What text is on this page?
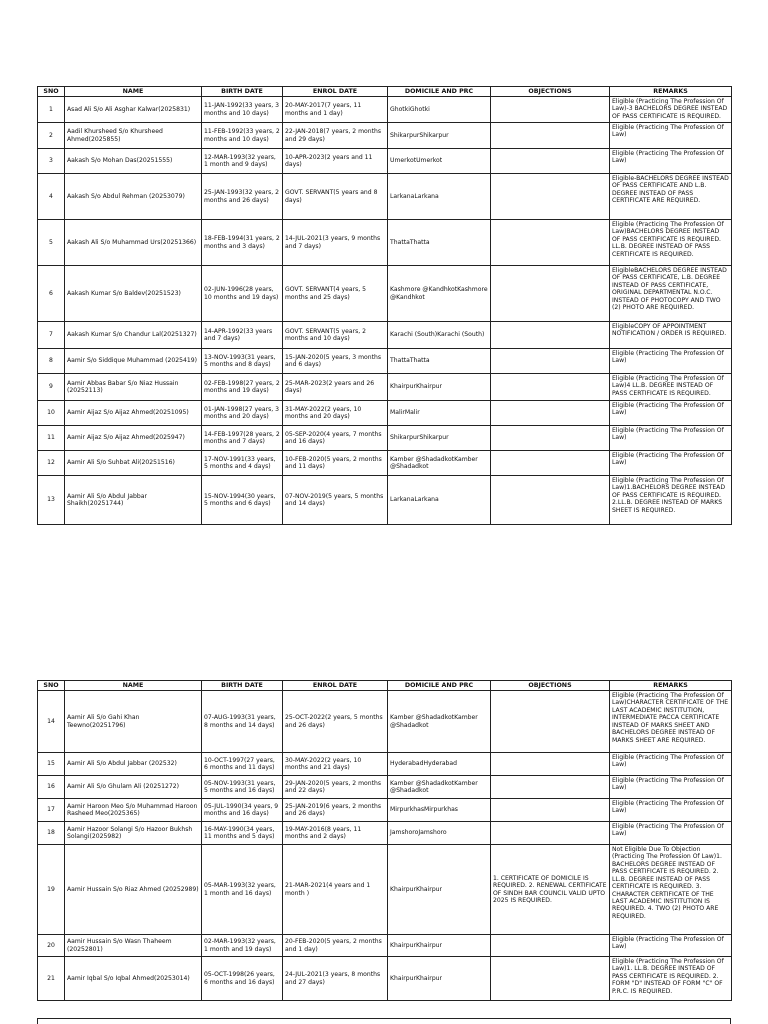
SNO	NAME	BIRTH DATE	ENROL DATE	DOMICILE AND PRC	OBJECTIONS	REMARKS
1	Asad Ali S/o Ali Asghar Kalwar(2025831)	11-JAN-1992(33 years, 3 months and 10 days)	20-MAY-2017(7 years, 11 months and 1 day)	GhotkiGhotki		Eligible (Practicing The Profession Of Law)-3 BACHELORS DEGREE INSTEAD OF PASS CERTIFICATE IS REQUIRED.
2	Aadil Khursheed S/o Khursheed Ahmed(2025855)	11-FEB-1992(33 years, 2 months and 10 days)	22-JAN-2018(7 years, 2 months and 29 days)	ShikarpurShikarpur		Eligible (Practicing The Profession Of Law)
3	Aakash S/o Mohan Das(20251555)	12-MAR-1993(32 years, 1 month and 9 days)	10-APR-2023(2 years and 11 days)	UmerkotUmerkot		Eligible (Practicing The Profession Of Law)
4	Aakash S/o Abdul Rehman (20253079)	25-JAN-1993(32 years, 2 months and 26 days)	GOVT. SERVANT(5 years and 8 days)	LarkanaLarkana		Eligible-BACHELORS DEGREE INSTEAD OF PASS CERTIFICATE AND L.B. DEGREE INSTEAD OF PASS CERTIFICATE ARE REQUIRED.
5	Aakash Ali S/o Muhammad Urs(20251366)	18-FEB-1994(31 years, 2 months and 3 days)	14-JUL-2021(3 years, 9 months and 7 days)	ThattaThatta		Eligible (Practicing The Profession Of Law)BACHELORS DEGREE INSTEAD OF PASS CERTIFICATE IS REQUIRED. LL.B. DEGREE INSTEAD OF PASS CERTIFICATE IS REQUIRED.
6	Aakash Kumar S/o Baldev(20251523)	02-JUN-1996(28 years, 10 months and 19 days)	GOVT. SERVANT(4 years, 5 months and 25 days)	Kashmore @KandhkotKashmore @Kandhkot		EligibleBACHELORS DEGREE INSTEAD OF PASS CERTIFICATE, L.B. DEGREE INSTEAD OF PASS CERTIFICATE, ORIGINAL DEPARTMENTAL N.O.C. INSTEAD OF PHOTOCOPY AND TWO (2) PHOTO ARE REQUIRED.
7	Aakash Kumar S/o Chandur Lal(20251327)	14-APR-1992(33 years and 7 days)	GOVT. SERVANT(5 years, 2 months and 10 days)	Karachi (South)Karachi (South)		EligibleCOPY OF APPOINTMENT NOTIFICATION / ORDER IS REQUIRED.
8	Aamir S/o Siddique Muhammad (2025419)	13-NOV-1993(31 years, 5 months and 8 days)	15-JAN-2020(5 years, 3 months and 6 days)	ThattaThatta		Eligible (Practicing The Profession Of Law)
9	Aamir Abbas Babar S/o Niaz Hussain (20252113)	02-FEB-1998(27 years, 2 months and 19 days)	25-MAR-2023(2 years and 26 days)	KhairpurKhairpur		Eligible (Practicing The Profession Of Law)4 LL.B. DEGREE INSTEAD OF PASS CERTIFICATE IS REQUIRED.
10	Aamir Aijaz S/o Aijaz Ahmed(20251095)	01-JAN-1998(27 years, 3 months and 20 days)	31-MAY-2022(2 years, 10 months and 20 days)	MalirMalir		Eligible (Practicing The Profession Of Law)
11	Aamir Aijaz S/o Aijaz Ahmed(2025947)	14-FEB-1997(28 years, 2 months and 7 days)	05-SEP-2020(4 years, 7 months and 16 days)	ShikarpurShikarpur		Eligible (Practicing The Profession Of Law)
12	Aamir Ali S/o Suhbat Ali(20251516)	17-NOV-1991(33 years, 5 months and 4 days)	10-FEB-2020(5 years, 2 months and 11 days)	Kamber @ShadadkotKamber @Shadadkot		Eligible (Practicing The Profession Of Law)
13	Aamir Ali S/o Abdul Jabbar Shaikh(20251744)	15-NOV-1994(30 years, 5 months and 6 days)	07-NOV-2019(5 years, 5 months and 14 days)	LarkanaLarkana		Eligible (Practicing The Profession Of Law)1.BACHELORS DEGREE INSTEAD OF PASS CERTIFICATE IS REQUIRED. 2.LL.B. DEGREE INSTEAD OF MARKS SHEET IS REQUIRED.
SNO	NAME	BIRTH DATE	ENROL DATE	DOMICILE AND PRC	OBJECTIONS	REMARKS
14	Aamir Ali S/o Gahi Khan Teewno(20251796)	07-AUG-1993(31 years, 8 months and 14 days)	25-OCT-2022(2 years, 5 months and 26 days)	Kamber @ShadadkotKamber @Shadadkot		Eligible (Practicing The Profession Of Law)CHARACTER CERTIFICATE OF THE LAST ACADEMIC INSTITUTION, INTERMEDIATE PACCA CERTIFICATE INSTEAD OF MARKS SHEET AND BACHELORS DEGREE INSTEAD OF MARKS SHEET ARE REQUIRED.
15	Aamir Ali S/o Abdul Jabbar (202532)	10-OCT-1997(27 years, 6 months and 11 days)	30-MAY-2022(2 years, 10 months and 21 days)	HyderabadHyderabad		Eligible (Practicing The Profession Of Law)
16	Aamir Ali S/o Ghulam Ali (20251272)	05-NOV-1993(31 years, 5 months and 16 days)	29-JAN-2020(5 years, 2 months and 22 days)	Kamber @ShadadkotKamber @Shadadkot		Eligible (Practicing The Profession Of Law)
17	Aamir Haroon Meo S/o Muhammad Haroon Rasheed Meo(2025365)	05-JUL-1990(34 years, 9 months and 16 days)	25-JAN-2019(6 years, 2 months and 26 days)	MirpurkhasMirpurkhas		Eligible (Practicing The Profession Of Law)
18	Aamir Hazoor Solangi S/o Hazoor Bukhsh Solangi(2025982)	16-MAY-1990(34 years, 11 months and 5 days)	19-MAY-2016(8 years, 11 months and 2 days)	JamshoroJamshoro		Eligible (Practicing The Profession Of Law)
19	Aamir Hussain S/o Riaz Ahmed (20252989)	05-MAR-1993(32 years, 1 month and 16 days)	21-MAR-2021(4 years and 1 month )	KhairpurKhairpur	1. CERTIFICATE OF DOMICILE IS REQUIRED. 2. RENEWAL CERTIFICATE OF SINDH BAR COUNCIL VALID UPTO 2025 IS REQUIRED.	Not Eligible Due To Objection (Practicing The Profession Of Law)1. BACHELORS DEGREE INSTEAD OF PASS CERTIFICATE IS REQUIRED. 2. LL.B. DEGREE INSTEAD OF PASS CERTIFICATE IS REQUIRED. 3. CHARACTER CERTIFICATE OF THE LAST ACADEMIC INSTITUTION IS REQUIRED. 4. TWO (2) PHOTO ARE REQUIRED.
20	Aamir Hussain S/o Wasn Thaheem (20252801)	02-MAR-1993(32 years, 1 month and 19 days)	20-FEB-2020(5 years, 2 months and 1 day)	KhairpurKhairpur		Eligible (Practicing The Profession Of Law)
21	Aamir Iqbal S/o Iqbal Ahmed(20253014)	05-OCT-1998(26 years, 6 months and 16 days)	24-JUL-2021(3 years, 8 months and 27 days)	KhairpurKhairpur		Eligible (Practicing The Profession Of Law)1. LL.B. DEGREE INSTEAD OF PASS CERTIFICATE IS REQUIRED. 2. FORM "D" INSTEAD OF FORM "C" OF P.R.C. IS REQUIRED.
